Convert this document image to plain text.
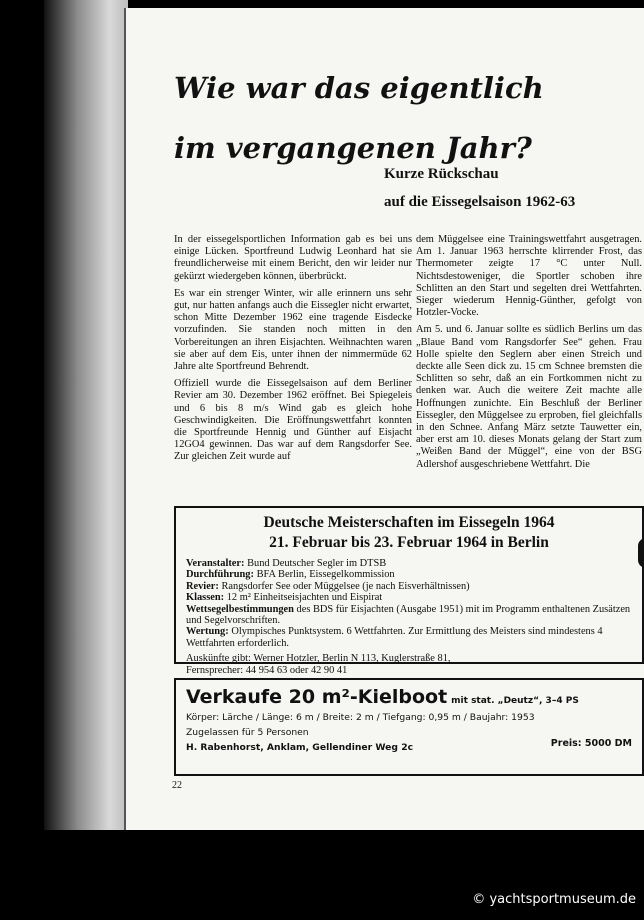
Wie war das eigentlich
im vergangenen Jahr?

Kurze Rückschau

auf die Eissegelsaison 1962-63

In der eissegelsportlichen Information gab es bei uns einige Lücken. Sportfreund Ludwig Leonhard hat sie freundlicherweise mit einem Bericht, den wir leider nur gekürzt wiedergeben können, überbrückt.

Es war ein strenger Winter, wir alle erinnern uns sehr gut, nur hatten anfangs auch die Eissegler nicht erwartet, schon Mitte Dezember 1962 eine tragende Eisdecke vorzufinden. Sie standen noch mitten in den Vorbereitungen an ihren Eisjachten. Weihnachten waren sie aber auf dem Eis, unter ihnen der nimmermüde 62 Jahre alte Sportfreund Behrendt.

Offiziell wurde die Eissegelsaison auf dem Berliner Revier am 30. Dezember 1962 eröffnet. Bei Spiegeleis und 6 bis 8 m/s Wind gab es gleich hohe Geschwindigkeiten. Die Eröffnungswettfahrt konnten die Sportfreunde Hennig und Günther auf Eisjacht 12GO4 gewinnen. Das war auf dem Rangsdorfer See. Zur gleichen Zeit wurde auf

dem Müggelsee eine Trainingswettfahrt ausgetragen. Am 1. Januar 1963 herrschte klirrender Frost, das Thermometer zeigte 17 °C unter Null. Nichtsdestoweniger, die Sportler schoben ihre Schlitten an den Start und segelten drei Wettfahrten. Sieger wiederum Hennig-Günther, gefolgt von Hotzler-Vocke.

Am 5. und 6. Januar sollte es südlich Berlins um das „Blaue Band vom Rangsdorfer See“ gehen. Frau Holle spielte den Seglern aber einen Streich und deckte alle Seen dick zu. 15 cm Schnee bremsten die Schlitten so sehr, daß an ein Fortkommen nicht zu denken war. Auch die weitere Zeit machte alle Hoffnungen zunichte. Ein Beschluß der Berliner Eissegler, den Müggelsee zu erproben, fiel gleichfalls in den Schnee. Anfang März setzte Tauwetter ein, aber erst am 10. dieses Monats gelang der Start zum „Weißen Band der Müggel“, eine von der BSG Adlershof ausgeschriebene Wettfahrt. Die

Deutsche Meisterschaften im Eissegeln 1964

21. Februar bis 23. Februar 1964 in Berlin

Veranstalter: Bund Deutscher Segler im DTSB
Durchführung: BFA Berlin, Eissegelkommission
Revier: Rangsdorfer See oder Müggelsee (je nach Eisverhältnissen)
Klassen: 12 m² Einheitseisjachten und Eispirat
Wettsegelbestimmungen des BDS für Eisjachten (Ausgabe 1951) mit im Programm enthaltenen Zusätzen und Segelvorschriften.
Wertung: Olympisches Punktsystem. 6 Wettfahrten. Zur Ermittlung des Meisters sind mindestens 4 Wettfahrten erforderlich.
Auskünfte gibt: Werner Hotzler, Berlin N 113, Kuglerstraße 81,
Fernsprecher: 44 954 63 oder 42 90 41
Verkaufe 20 m²-Kielboot mit stat. „Deutz“, 3–4 PS
Körper: Lärche / Länge: 6 m / Breite: 2 m / Tiefgang: 0,95 m / Baujahr: 1953
Zugelassen für 5 Personen
H. Rabenhorst, Anklam, Gellendiner Weg 2c	Preis: 5000 DM
22
© yachtsportmuseum.de
